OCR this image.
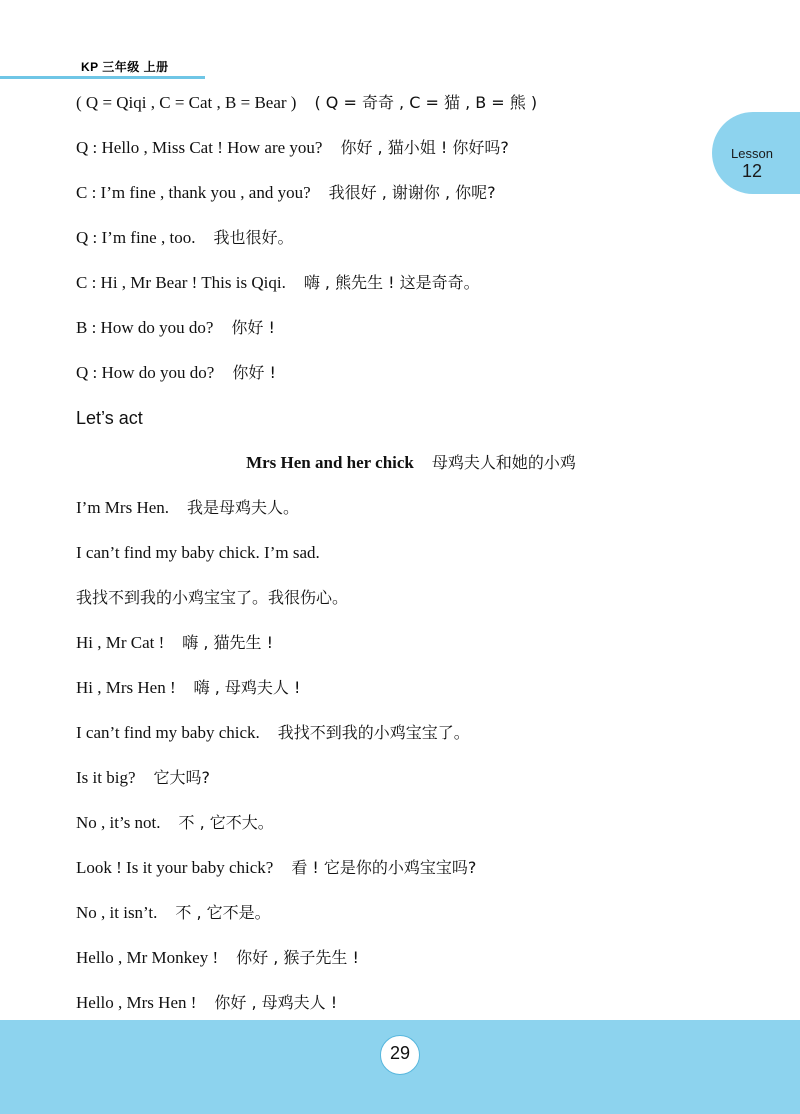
KP 三年级 上册
Lesson
12
( Q = Qiqi , C = Cat , B = Bear ) ( Q = 奇奇 , C = 猫 , B = 熊 )
Q : Hello , Miss Cat ! How are you? 你好 , 猫小姐 ! 你好吗?
C : I’m fine , thank you , and you? 我很好 , 谢谢你 , 你呢?
Q : I’m fine , too. 我也很好。
C : Hi , Mr Bear ! This is Qiqi. 嗨 , 熊先生 ! 这是奇奇。
B : How do you do? 你好 !
Q : How do you do? 你好 !
Let’s act
Mrs Hen and her chick 母鸡夫人和她的小鸡
I’m Mrs Hen. 我是母鸡夫人。
I can’t find my baby chick. I’m sad.
我找不到我的小鸡宝宝了。我很伤心。
Hi , Mr Cat ! 嗨 , 猫先生 !
Hi , Mrs Hen ! 嗨 , 母鸡夫人 !
I can’t find my baby chick. 我找不到我的小鸡宝宝了。
Is it big? 它大吗?
No , it’s not. 不 , 它不大。
Look ! Is it your baby chick? 看 ! 它是你的小鸡宝宝吗?
No , it isn’t. 不 , 它不是。
Hello , Mr Monkey ! 你好 , 猴子先生 !
Hello , Mrs Hen ! 你好 , 母鸡夫人 !
29
